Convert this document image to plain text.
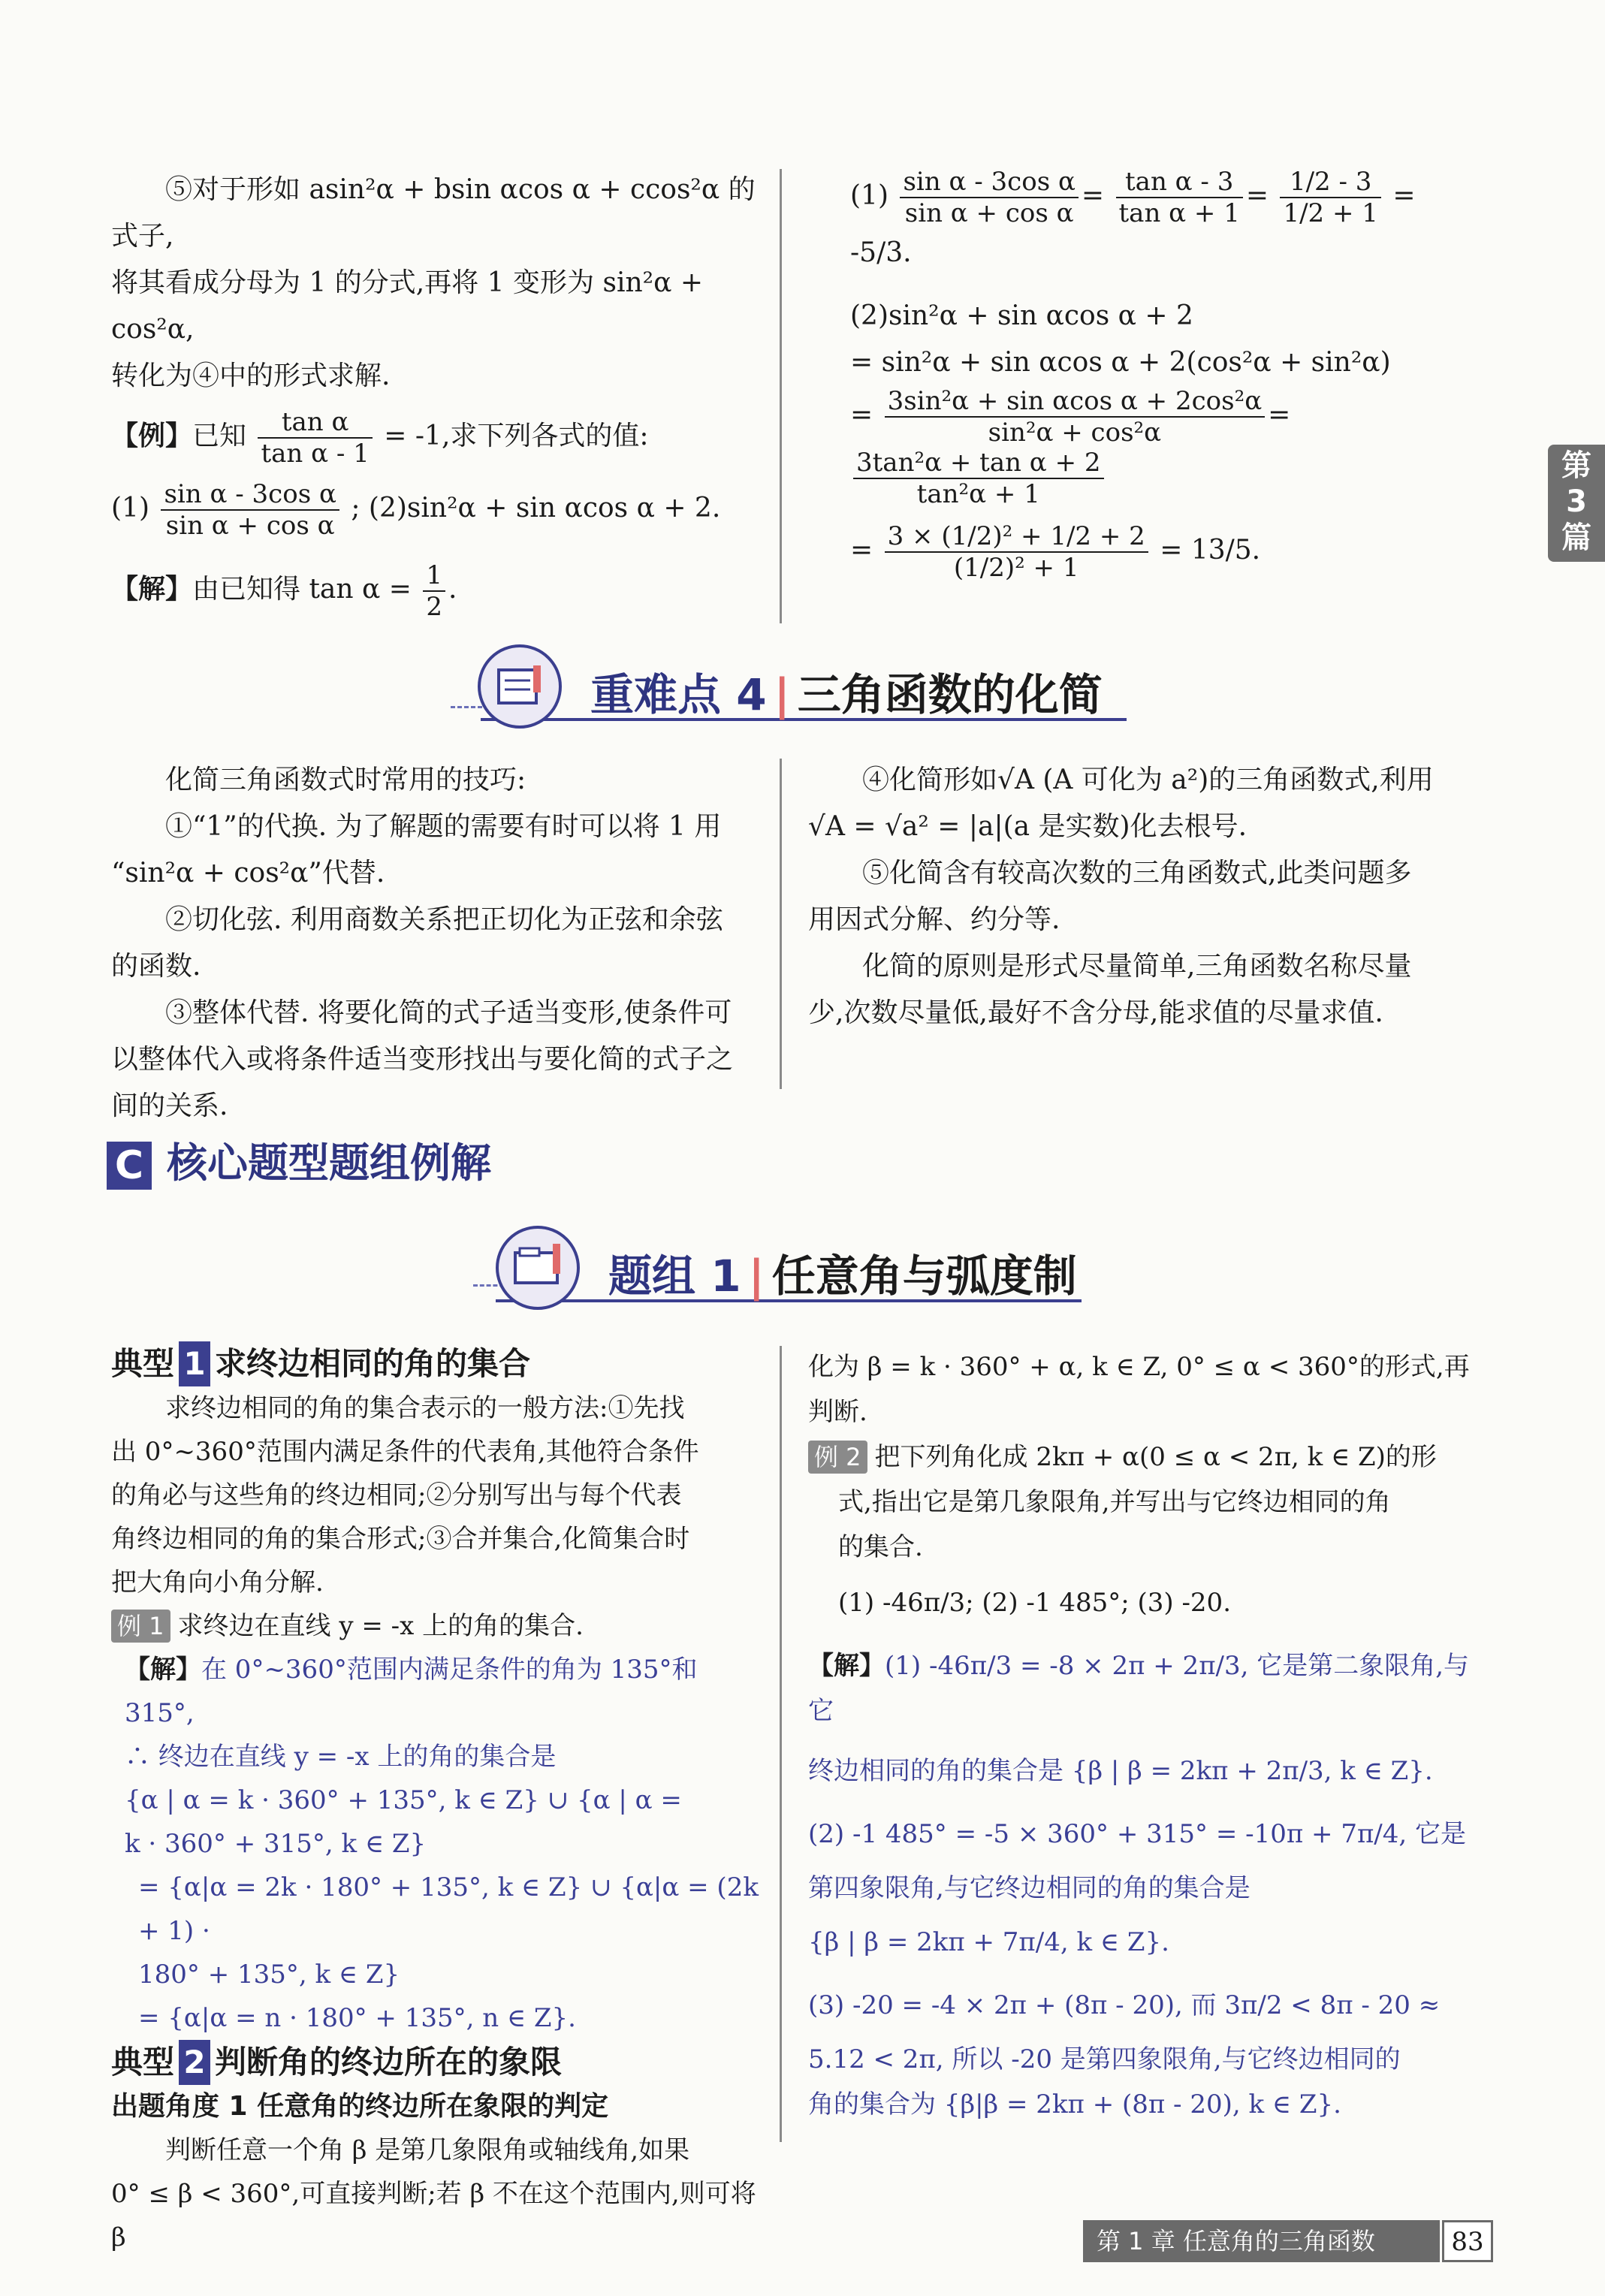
第
3
篇

⑤对于形如 asin²α + bsin αcos α + ccos²α 的式子,

将其看成分母为 1 的分式,再将 1 变形为 sin²α + cos²α,

转化为④中的形式求解.

【例】已知 $\frac{\text{tan α}}{\text{tan α - 1}} = -1$,求下列各式的值:

$(1) \frac{\text{sin α - 3cos α}}{\text{sin α + cos α}}$ ; (2)sin²α + sin αcos α + 2.

【解】由已知得 $\tan \alpha = \frac{1}{2}$ .

$(1) \frac{\text{sin α - 3cos α}}{\text{sin α + cos α}} = \frac{\text{tan α - 3}}{\text{tan α + 1}} = \frac{1/2 - 3}{1/2 + 1} = -5/3$.

(2)sin²α + sin αcos α + 2

= sin²α + sin αcos α + 2(cos²α + sin²α)

= $\frac{\text{3sin²α + sin αcos α + 2cos²α}}{\text{sin²α + cos²α}}$ =
$\frac{\text{3tan²α + tan α + 2}}{\text{tan²α + 1}}$

= $\frac{\text{3 × (1/2)² + 1/2 + 2}}{\text{(1/2)² + 1}} = 13/5$.

重难点 4 | 三角函数的化简

化简三角函数式时常用的技巧:

①“1”的代换. 为了解题的需要有时可以将 1 用

“sin²α + cos²α”代替.

②切化弦. 利用商数关系把正切化为正弦和余弦

的函数.

③整体代替. 将要化简的式子适当变形,使条件可

以整体代入或将条件适当变形找出与要化简的式子之

间的关系.

④化简形如√A (A 可化为 a²)的三角函数式,利用

√A = √a² = |a|(a 是实数)化去根号.

⑤化简含有较高次数的三角函数式,此类问题多

用因式分解、约分等.

化简的原则是形式尽量简单,三角函数名称尽量

少,次数尽量低,最好不含分母,能求值的尽量求值.

C 核心题型题组例解
题组 1 | 任意角与弧度制

典型 1 求终边相同的角的集合

求终边相同的角的集合表示的一般方法:①先找

出 0°~360°范围内满足条件的代表角,其他符合条件

的角必与这些角的终边相同;②分别写出与每个代表

角终边相同的角的集合形式;③合并集合,化简集合时

把大角向小角分解.

例 1 求终边在直线 y = -x 上的角的集合.

【解】在 0°~360°范围内满足条件的角为 135°和 315°,

∴ 终边在直线 y = -x 上的角的集合是

{α | α = k · 360° + 135°, k ∈ Z} ∪ {α | α =

k · 360° + 315°, k ∈ Z}

= {α|α = 2k · 180° + 135°, k ∈ Z} ∪ {α|α = (2k + 1) ·

180° + 135°, k ∈ Z}

= {α|α = n · 180° + 135°, n ∈ Z}.

典型 2 判断角的终边所在的象限

出题角度 1 任意角的终边所在象限的判定

判断任意一个角 β 是第几象限角或轴线角,如果

0° ≤ β < 360°,可直接判断;若 β 不在这个范围内,则可将 β

化为 β = k · 360° + α, k ∈ Z, 0° ≤ α < 360°的形式,再判断.

例 2 把下列角化成 2kπ + α(0 ≤ α < 2π, k ∈ Z)的形

式,指出它是第几象限角,并写出与它终边相同的角

的集合.

(1) -46π/3; (2) -1 485°; (3) -20.

【解】(1) -46π/3 = -8 × 2π + 2π/3, 它是第二象限角,与它

终边相同的角的集合是 {β | β = 2kπ + 2π/3, k ∈ Z}.

(2) -1 485° = -5 × 360° + 315° = -10π + 7π/4, 它是

第四象限角,与它终边相同的角的集合是

{β | β = 2kπ + 7π/4, k ∈ Z}.

(3) -20 = -4 × 2π + (8π - 20), 而 3π/2 < 8π - 20 ≈

5.12 < 2π, 所以 -20 是第四象限角,与它终边相同的

角的集合为 {β|β = 2kπ + (8π - 20), k ∈ Z}.

第 1 章 任意角的三角函数	83
